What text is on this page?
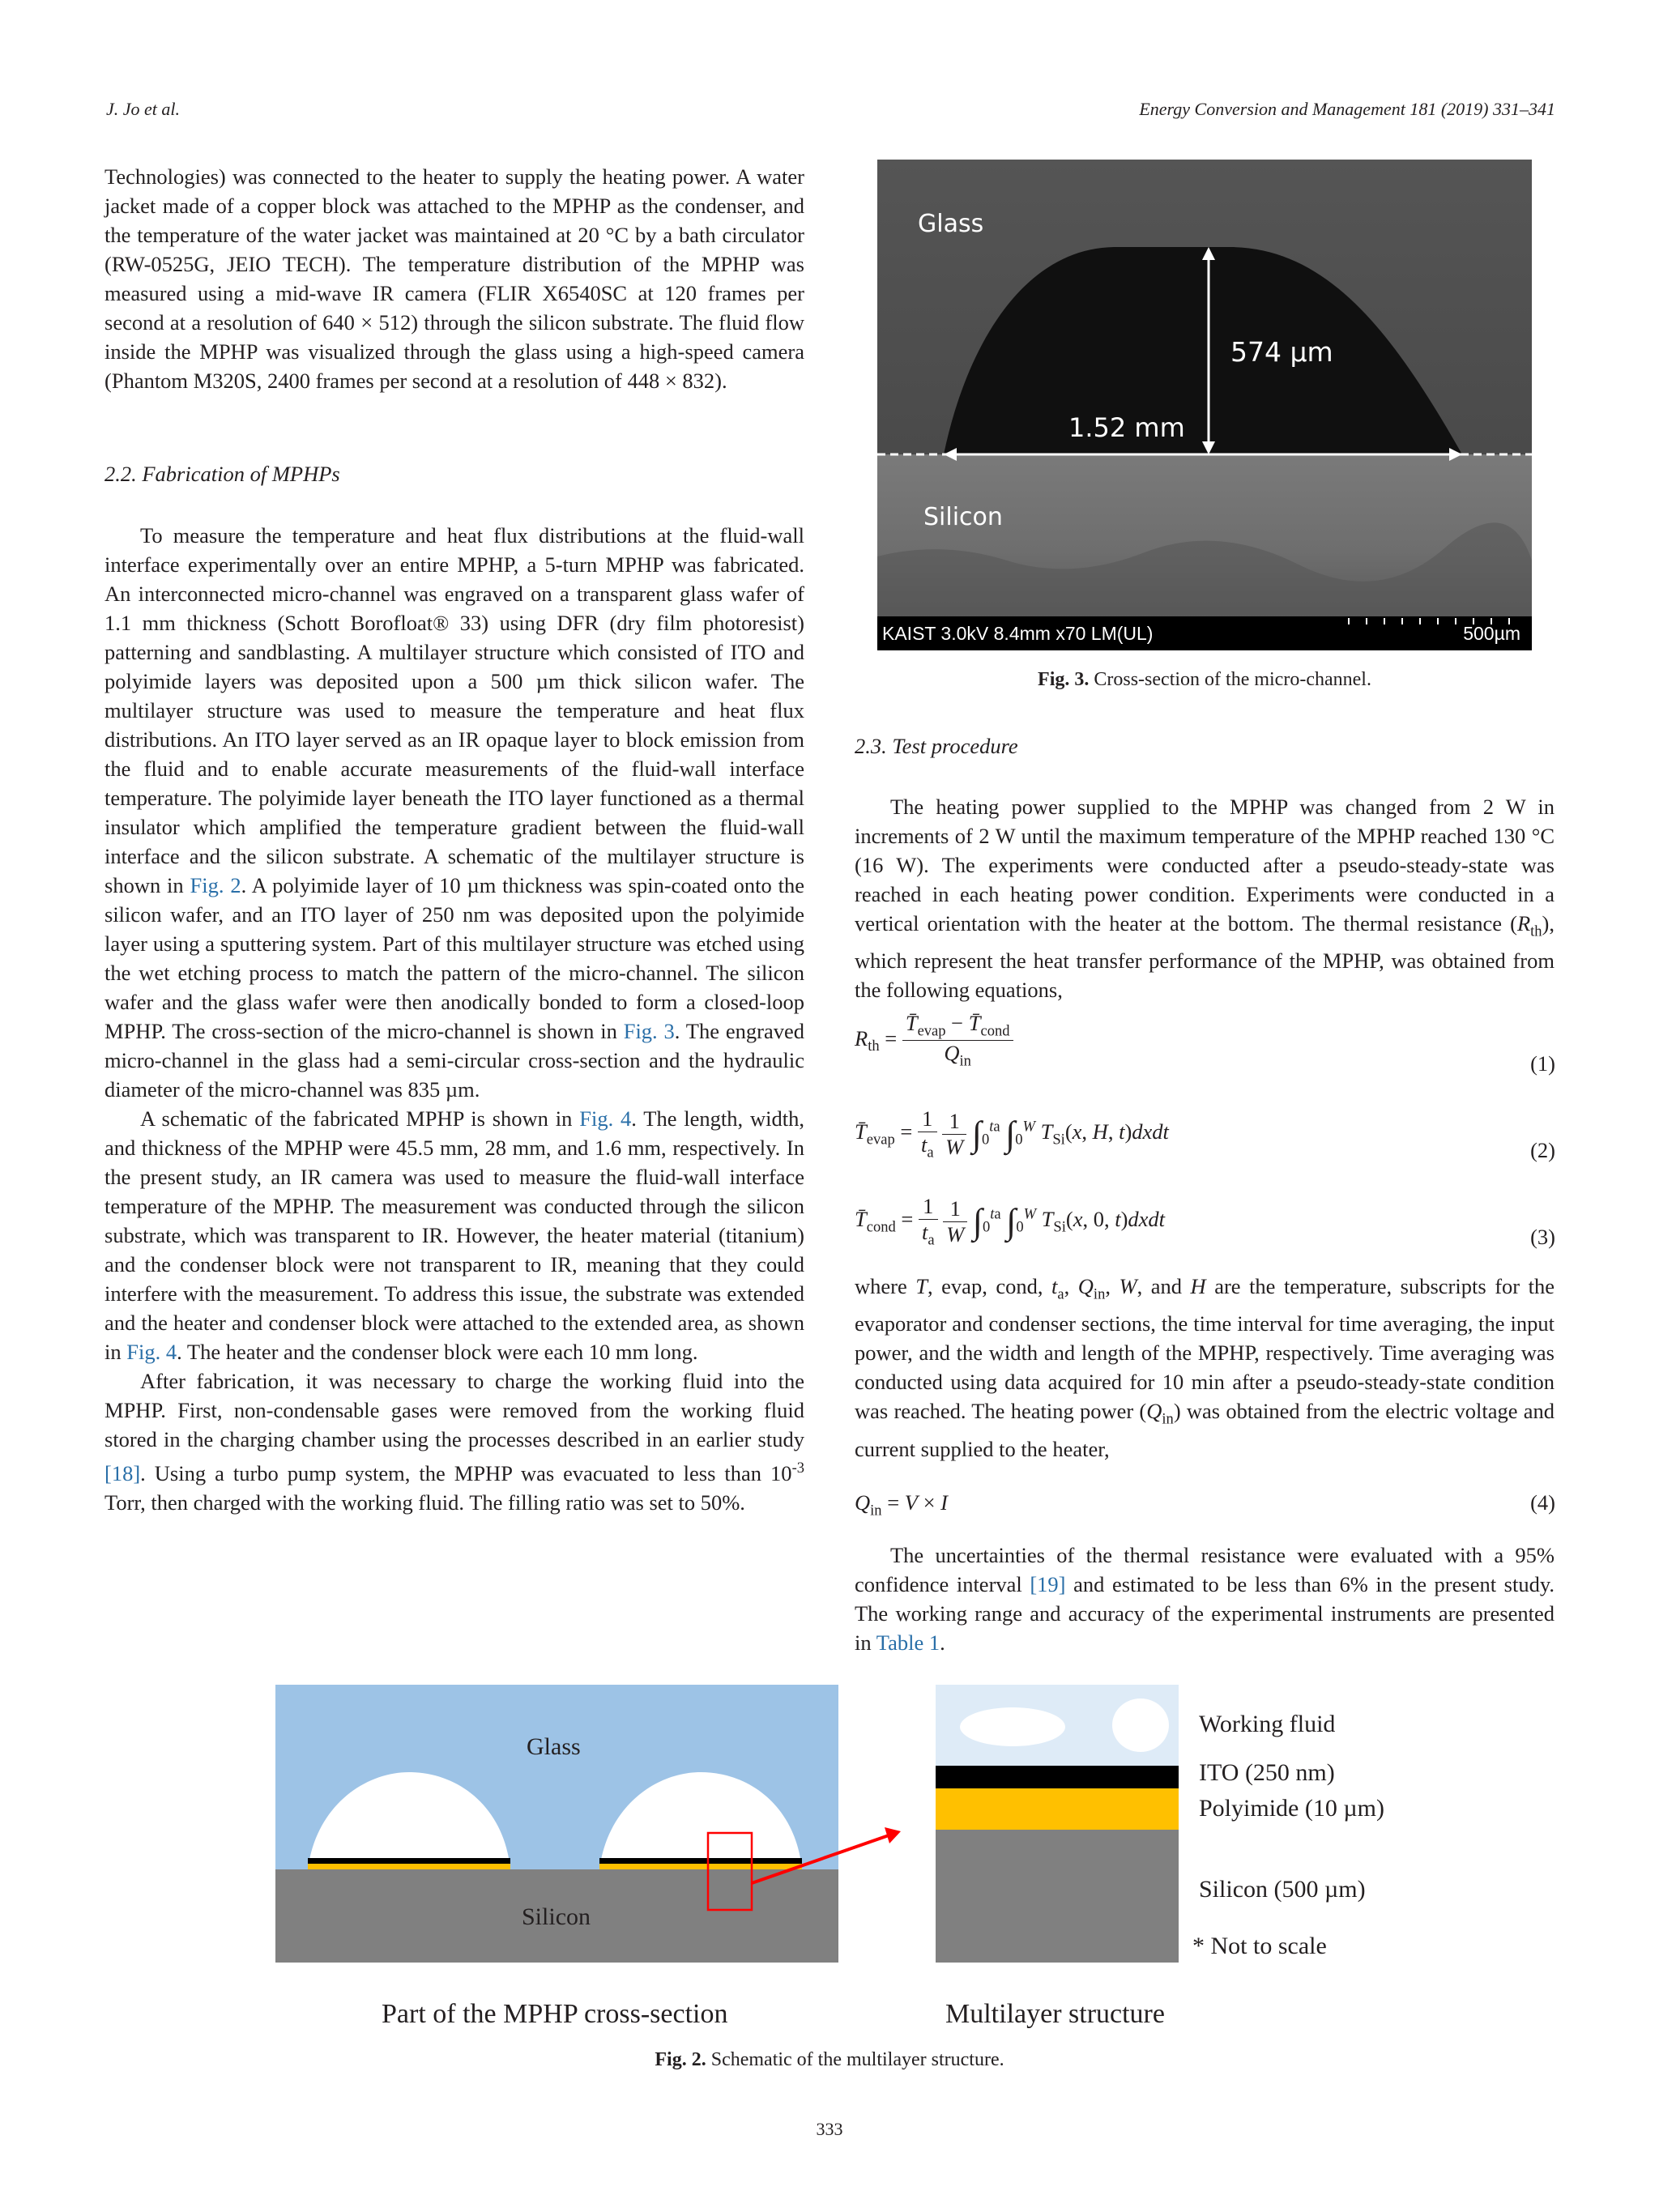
J. Jo et al.	Energy Conversion and Management 181 (2019) 331–341

Technologies) was connected to the heater to supply the heating power. A water jacket made of a copper block was attached to the MPHP as the condenser, and the temperature of the water jacket was maintained at 20 °C by a bath circulator (RW-0525G, JEIO TECH). The temperature distribution of the MPHP was measured using a mid-wave IR camera (FLIR X6540SC at 120 frames per second at a resolution of 640 × 512) through the silicon substrate. The fluid flow inside the MPHP was visualized through the glass using a high-speed camera (Phantom M320S, 2400 frames per second at a resolution of 448 × 832).

2.2. Fabrication of MPHPs

To measure the temperature and heat flux distributions at the fluid-wall interface experimentally over an entire MPHP, a 5-turn MPHP was fabricated. An interconnected micro-channel was engraved on a transparent glass wafer of 1.1 mm thickness (Schott Borofloat® 33) using DFR (dry film photoresist) patterning and sandblasting. A multilayer structure which consisted of ITO and polyimide layers was deposited upon a 500 µm thick silicon wafer. The multilayer structure was used to measure the temperature and heat flux distributions. An ITO layer served as an IR opaque layer to block emission from the fluid and to enable accurate measurements of the fluid-wall interface temperature. The polyimide layer beneath the ITO layer functioned as a thermal insulator which amplified the temperature gradient between the fluid-wall interface and the silicon substrate. A schematic of the multilayer structure is shown in Fig. 2. A polyimide layer of 10 µm thickness was spin-coated onto the silicon wafer, and an ITO layer of 250 nm was deposited upon the polyimide layer using a sputtering system. Part of this multilayer structure was etched using the wet etching process to match the pattern of the micro-channel. The silicon wafer and the glass wafer were then anodically bonded to form a closed-loop MPHP. The cross-section of the micro-channel is shown in Fig. 3. The engraved micro-channel in the glass had a semi-circular cross-section and the hydraulic diameter of the micro-channel was 835 µm.

A schematic of the fabricated MPHP is shown in Fig. 4. The length, width, and thickness of the MPHP were 45.5 mm, 28 mm, and 1.6 mm, respectively. In the present study, an IR camera was used to measure the fluid-wall interface temperature of the MPHP. The measurement was conducted through the silicon substrate, which was transparent to IR. However, the heater material (titanium) and the condenser block were not transparent to IR, meaning that they could interfere with the measurement. To address this issue, the substrate was extended and the heater and condenser block were attached to the extended area, as shown in Fig. 4. The heater and the condenser block were each 10 mm long.

After fabrication, it was necessary to charge the working fluid into the MPHP. First, non-condensable gases were removed from the working fluid stored in the charging chamber using the processes described in an earlier study [18]. Using a turbo pump system, the MPHP was evacuated to less than $10^{-3}$ Torr, then charged with the working fluid. The filling ratio was set to 50%.

Glass
Silicon
574 µm
1.52 mm
KAIST 3.0kV 8.4mm x70 LM(UL)	500µm
Fig. 3. Cross-section of the micro-channel.
2.3. Test procedure

The heating power supplied to the MPHP was changed from 2 W in increments of 2 W until the maximum temperature of the MPHP reached 130 °C (16 W). The experiments were conducted after a pseudo-steady-state was reached in each heating power condition. Experiments were conducted in a vertical orientation with the heater at the bottom. The thermal resistance $(R_{th})$, which represent the heat transfer performance of the MPHP, was obtained from the following equations,

$R_{th} = \frac{T̄_{evap} - T̄_{cond}}{Q_{in}}$	(1)
$T̄_{evap} = \frac{1}{t_a}$
$\frac{1}{W} \int_0^{ta}$ $\int_0^W$ $T_{Si}(x$, H, t)dxdt
(2)
$T̄_{cond} = \frac{1}{t_a}$
$\frac{1}{W} \int_0^{ta}$ $\int_0^W$ $T_{Si}(x$, 0, t)dxdt
(3)

where T, evap, cond, $t_a$, $Q_{in}$, W, and H are the temperature, subscripts for the evaporator and condenser sections, the time interval for time averaging, the input power, and the width and length of the MPHP, respectively. Time averaging was conducted using data acquired for 10 min after a pseudo-steady-state condition was reached. The heating power $(Q_{in})$ was obtained from the electric voltage and current supplied to the heater,

$Q_{in} = V \times I$	(4)

The uncertainties of the thermal resistance were evaluated with a 95% confidence interval [19] and estimated to be less than 6% in the present study. The working range and accuracy of the experimental instruments are presented in Table 1.

Glass
Silicon
Working fluid
ITO (250 nm)
Polyimide (10 µm)
Silicon (500 µm)
* Not to scale
Part of the MPHP cross-section	Multilayer structure
Fig. 2. Schematic of the multilayer structure.
333
